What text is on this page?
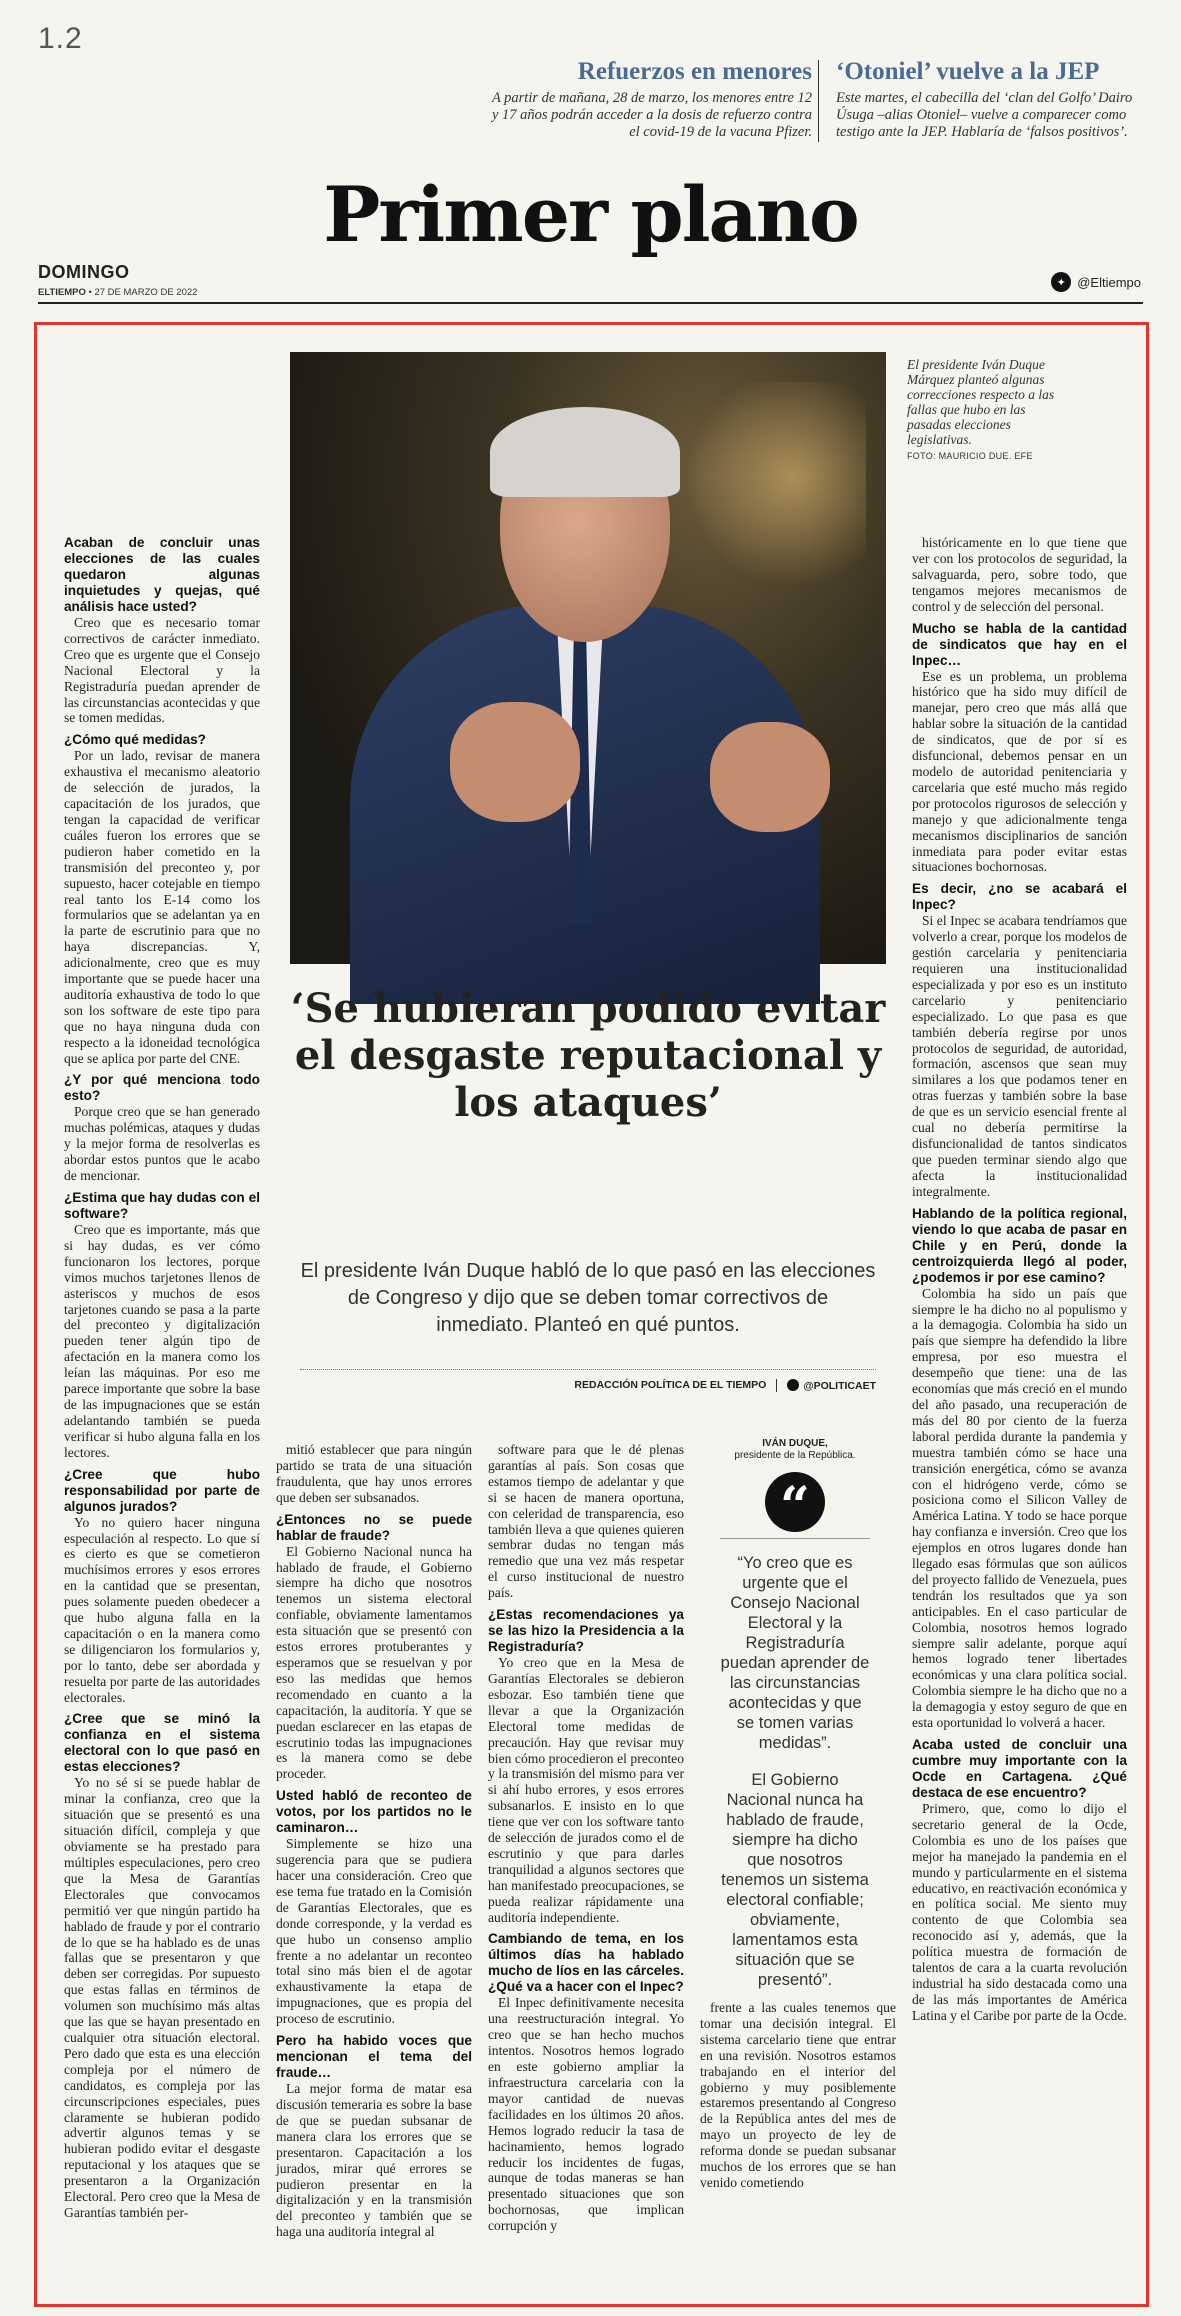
1.2
Refuerzos en menores

A partir de mañana, 28 de marzo, los menores entre 12 y 17 años podrán acceder a la dosis de refuerzo contra el covid-19 de la vacuna Pfizer.

‘Otoniel’ vuelve a la JEP

Este martes, el cabecilla del ‘clan del Golfo’ Dairo Úsuga –alias Otoniel– vuelve a comparecer como testigo ante la JEP. Hablaría de ‘falsos positivos’.

Primer plano
DOMINGO
ELTIEMPO • 27 DE MARZO DE 2022
✦ @Eltiempo
El presidente Iván Duque Márquez planteó algunas correcciones respecto a las fallas que hubo en las pasadas elecciones legislativas.
FOTO: MAURICIO DUE. EFE
‘Se hubieran podido evitar el desgaste reputacional y los ataques’

El presidente Iván Duque habló de lo que pasó en las elecciones de Congreso y dijo que se deben tomar correctivos de inmediato. Planteó en qué puntos.

REDACCIÓN POLÍTICA DE EL TIEMPO	@POLITICAET

Acaban de concluir unas elecciones de las cuales quedaron algunas inquietudes y quejas, qué análisis hace usted?

Creo que es necesario tomar correctivos de carácter inmediato. Creo que es urgente que el Consejo Nacional Electoral y la Registraduría puedan aprender de las circunstancias acontecidas y que se tomen medidas.

¿Cómo qué medidas?

Por un lado, revisar de manera exhaustiva el mecanismo aleatorio de selección de jurados, la capacitación de los jurados, que tengan la capacidad de verificar cuáles fueron los errores que se pudieron haber cometido en la transmisión del preconteo y, por supuesto, hacer cotejable en tiempo real tanto los E-14 como los formularios que se adelantan ya en la parte de escrutinio para que no haya discrepancias. Y, adicionalmente, creo que es muy importante que se puede hacer una auditoría exhaustiva de todo lo que son los software de este tipo para que no haya ninguna duda con respecto a la idoneidad tecnológica que se aplica por parte del CNE.

¿Y por qué menciona todo esto?

Porque creo que se han generado muchas polémicas, ataques y dudas y la mejor forma de resolverlas es abordar estos puntos que le acabo de mencionar.

¿Estima que hay dudas con el software?

Creo que es importante, más que si hay dudas, es ver cómo funcionaron los lectores, porque vimos muchos tarjetones llenos de asteriscos y muchos de esos tarjetones cuando se pasa a la parte del preconteo y digitalización pueden tener algún tipo de afectación en la manera como los leían las máquinas. Por eso me parece importante que sobre la base de las impugnaciones que se están adelantando también se pueda verificar si hubo alguna falla en los lectores.

¿Cree que hubo responsabilidad por parte de algunos jurados?

Yo no quiero hacer ninguna especulación al respecto. Lo que sí es cierto es que se cometieron muchísimos errores y esos errores en la cantidad que se presentan, pues solamente pueden obedecer a que hubo alguna falla en la capacitación o en la manera como se diligenciaron los formularios y, por lo tanto, debe ser abordada y resuelta por parte de las autoridades electorales.

¿Cree que se minó la confianza en el sistema electoral con lo que pasó en estas elecciones?

Yo no sé si se puede hablar de minar la confianza, creo que la situación que se presentó es una situación difícil, compleja y que obviamente se ha prestado para múltiples especulaciones, pero creo que la Mesa de Garantías Electorales que convocamos permitió ver que ningún partido ha hablado de fraude y por el contrario de lo que se ha hablado es de unas fallas que se presentaron y que deben ser corregidas. Por supuesto que estas fallas en términos de volumen son muchísimo más altas que las que se hayan presentado en cualquier otra situación electoral. Pero dado que esta es una elección compleja por el número de candidatos, es compleja por las circunscripciones especiales, pues claramente se hubieran podido advertir algunos temas y se hubieran podido evitar el desgaste reputacional y los ataques que se presentaron a la Organización Electoral. Pero creo que la Mesa de Garantías también per-

mitió establecer que para ningún partido se trata de una situación fraudulenta, que hay unos errores que deben ser subsanados.

¿Entonces no se puede hablar de fraude?

El Gobierno Nacional nunca ha hablado de fraude, el Gobierno siempre ha dicho que nosotros tenemos un sistema electoral confiable, obviamente lamentamos esta situación que se presentó con estos errores protuberantes y esperamos que se resuelvan y por eso las medidas que hemos recomendado en cuanto a la capacitación, la auditoría. Y que se puedan esclarecer en las etapas de escrutinio todas las impugnaciones es la manera como se debe proceder.

Usted habló de reconteo de votos, por los partidos no le caminaron…

Simplemente se hizo una sugerencia para que se pudiera hacer una consideración. Creo que ese tema fue tratado en la Comisión de Garantías Electorales, que es donde corresponde, y la verdad es que hubo un consenso amplio frente a no adelantar un reconteo total sino más bien el de agotar exhaustivamente la etapa de impugnaciones, que es propia del proceso de escrutinio.

Pero ha habido voces que mencionan el tema del fraude…

La mejor forma de matar esa discusión temeraria es sobre la base de que se puedan subsanar de manera clara los errores que se presentaron. Capacitación a los jurados, mirar qué errores se pudieron presentar en la digitalización y en la transmisión del preconteo y también que se haga una auditoría integral al

software para que le dé plenas garantías al país. Son cosas que estamos tiempo de adelantar y que si se hacen de manera oportuna, con celeridad de transparencia, eso también lleva a que quienes quieren sembrar dudas no tengan más remedio que una vez más respetar el curso institucional de nuestro país.

¿Estas recomendaciones ya se las hizo la Presidencia a la Registraduría?

Yo creo que en la Mesa de Garantías Electorales se debieron esbozar. Eso también tiene que llevar a que la Organización Electoral tome medidas de precaución. Hay que revisar muy bien cómo procedieron el preconteo y la transmisión del mismo para ver si ahí hubo errores, y esos errores subsanarlos. E insisto en lo que tiene que ver con los software tanto de selección de jurados como el de escrutinio y que para darles tranquilidad a algunos sectores que han manifestado preocupaciones, se pueda realizar rápidamente una auditoría independiente.

Cambiando de tema, en los últimos días ha hablado mucho de líos en las cárceles. ¿Qué va a hacer con el Inpec?

El Inpec definitivamente necesita una reestructuración integral. Yo creo que se han hecho muchos intentos. Nosotros hemos logrado en este gobierno ampliar la infraestructura carcelaria con la mayor cantidad de nuevas facilidades en los últimos 20 años. Hemos logrado reducir la tasa de hacinamiento, hemos logrado reducir los incidentes de fugas, aunque de todas maneras se han presentado situaciones que son bochornosas, que implican corrupción y

frente a las cuales tenemos que tomar una decisión integral. El sistema carcelario tiene que entrar en una revisión. Nosotros estamos trabajando en el interior del gobierno y muy posiblemente estaremos presentando al Congreso de la República antes del mes de mayo un proyecto de ley de reforma donde se puedan subsanar muchos de los errores que se han venido cometiendo

históricamente en lo que tiene que ver con los protocolos de seguridad, la salvaguarda, pero, sobre todo, que tengamos mejores mecanismos de control y de selección del personal.

Mucho se habla de la cantidad de sindicatos que hay en el Inpec…

Ese es un problema, un problema histórico que ha sido muy difícil de manejar, pero creo que más allá que hablar sobre la situación de la cantidad de sindicatos, que de por sí es disfuncional, debemos pensar en un modelo de autoridad penitenciaria y carcelaria que esté mucho más regido por protocolos rigurosos de selección y manejo y que adicionalmente tenga mecanismos disciplinarios de sanción inmediata para poder evitar estas situaciones bochornosas.

Es decir, ¿no se acabará el Inpec?

Si el Inpec se acabara tendríamos que volverlo a crear, porque los modelos de gestión carcelaria y penitenciaria requieren una institucionalidad especializada y por eso es un instituto carcelario y penitenciario especializado. Lo que pasa es que también debería regirse por unos protocolos de seguridad, de autoridad, formación, ascensos que sean muy similares a los que podamos tener en otras fuerzas y también sobre la base de que es un servicio esencial frente al cual no debería permitirse la disfuncionalidad de tantos sindicatos que pueden terminar siendo algo que afecta la institucionalidad integralmente.

Hablando de la política regional, viendo lo que acaba de pasar en Chile y en Perú, donde la centroizquierda llegó al poder, ¿podemos ir por ese camino?

Colombia ha sido un país que siempre le ha dicho no al populismo y a la demagogia. Colombia ha sido un país que siempre ha defendido la libre empresa, por eso muestra el desempeño que tiene: una de las economías que más creció en el mundo del año pasado, una recuperación de más del 80 por ciento de la fuerza laboral perdida durante la pandemia y muestra también cómo se hace una transición energética, cómo se avanza con el hidrógeno verde, cómo se posiciona como el Silicon Valley de América Latina. Y todo se hace porque hay confianza e inversión. Creo que los ejemplos en otros lugares donde han llegado esas fórmulas que son aúlicos del proyecto fallido de Venezuela, pues tendrán los resultados que ya son anticipables. En el caso particular de Colombia, nosotros hemos logrado siempre salir adelante, porque aquí hemos logrado tener libertades económicas y una clara política social. Colombia siempre le ha dicho que no a la demagogia y estoy seguro de que en esta oportunidad lo volverá a hacer.

Acaba usted de concluir una cumbre muy importante con la Ocde en Cartagena. ¿Qué destaca de ese encuentro?

Primero, que, como lo dijo el secretario general de la Ocde, Colombia es uno de los países que mejor ha manejado la pandemia en el mundo y particularmente en el sistema educativo, en reactivación económica y en política social. Me siento muy contento de que Colombia sea reconocido así y, además, que la política muestra de formación de talentos de cara a la cuarta revolución industrial ha sido destacada como una de las más importantes de América Latina y el Caribe por parte de la Ocde.

IVÁN DUQUE,
presidente de la República.
“
“Yo creo que es urgente que el Consejo Nacional Electoral y la Registraduría puedan aprender de las circunstancias acontecidas y que se tomen varias medidas”.
El Gobierno Nacional nunca ha hablado de fraude, siempre ha dicho que nosotros tenemos un sistema electoral confiable; obviamente, lamentamos esta situación que se presentó”.
